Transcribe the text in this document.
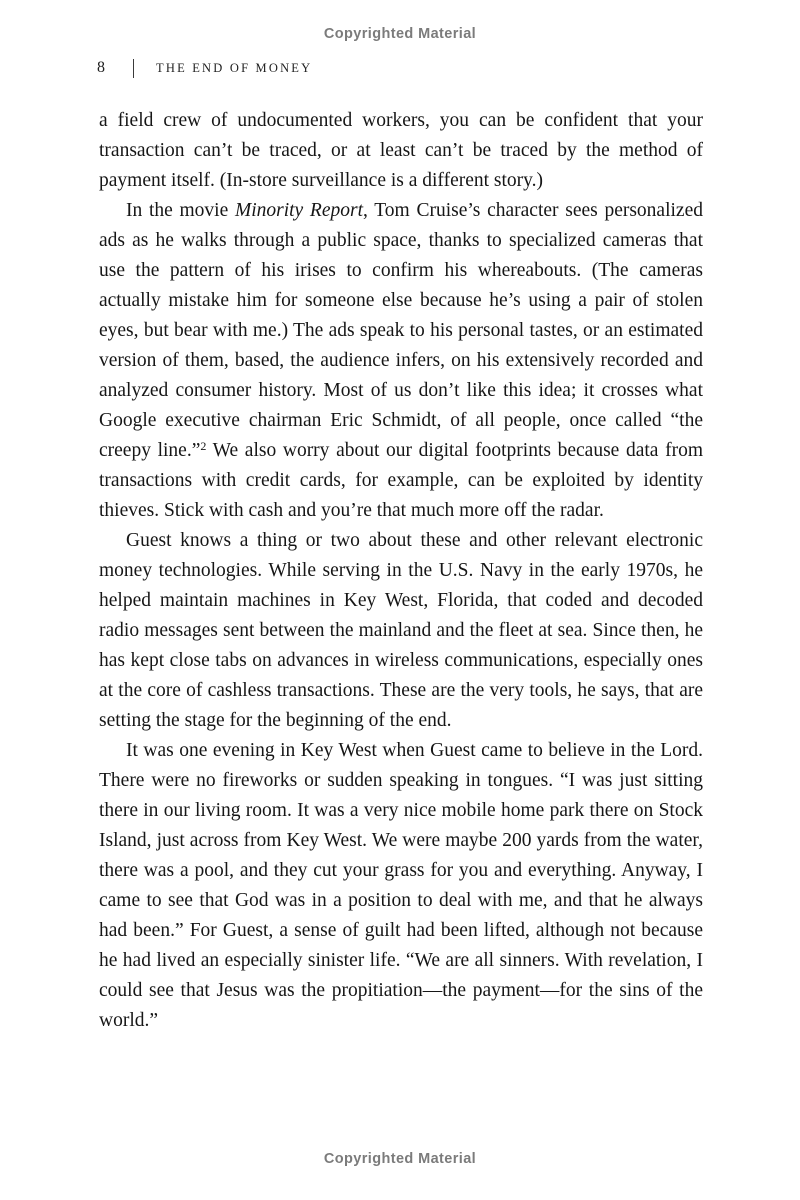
Copyrighted Material
8	THE END OF MONEY

a field crew of undocumented workers, you can be confident that your transaction can’t be traced, or at least can’t be traced by the method of payment itself. (In-store surveillance is a different story.)

In the movie Minority Report, Tom Cruise’s character sees personalized ads as he walks through a public space, thanks to specialized cameras that use the pattern of his irises to confirm his whereabouts. (The cameras actually mistake him for someone else because he’s using a pair of stolen eyes, but bear with me.) The ads speak to his personal tastes, or an estimated version of them, based, the audience infers, on his extensively recorded and analyzed consumer history. Most of us don’t like this idea; it crosses what Google executive chairman Eric Schmidt, of all people, once called “the creepy line.”$^2$ We also worry about our digital footprints because data from transactions with credit cards, for example, can be exploited by identity thieves. Stick with cash and you’re that much more off the radar.

Guest knows a thing or two about these and other relevant electronic money technologies. While serving in the U.S. Navy in the early 1970s, he helped maintain machines in Key West, Florida, that coded and decoded radio messages sent between the mainland and the fleet at sea. Since then, he has kept close tabs on advances in wireless communications, especially ones at the core of cashless transactions. These are the very tools, he says, that are setting the stage for the beginning of the end.

It was one evening in Key West when Guest came to believe in the Lord. There were no fireworks or sudden speaking in tongues. “I was just sitting there in our living room. It was a very nice mobile home park there on Stock Island, just across from Key West. We were maybe 200 yards from the water, there was a pool, and they cut your grass for you and everything. Anyway, I came to see that God was in a position to deal with me, and that he always had been.” For Guest, a sense of guilt had been lifted, although not because he had lived an especially sinister life. “We are all sinners. With revelation, I could see that Jesus was the propitiation—the payment—for the sins of the world.”

Copyrighted Material
